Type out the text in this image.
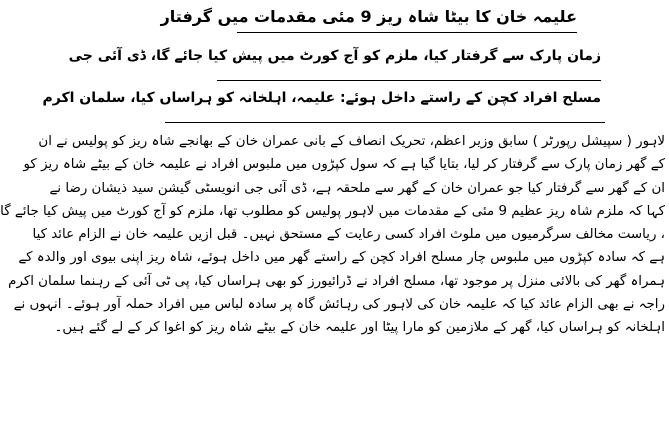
علیمہ خان کا بیٹا شاہ ریز 9 مئی مقدمات میں گرفتار
زمان پارک سے گرفتار کیا، ملزم کو آج کورٹ میں پیش کیا جائے گا، ڈی آئی جی
مسلح افراد کچن کے راستے داخل ہوئے: علیمہ، اہلخانہ کو ہراساں کیا، سلمان اکرم
لاہور ( سپیشل رپورٹر ) سابق وزیر اعظم، تحریک انصاف کے بانی عمران خان کے بھانجے شاہ ریز کو پولیس نے ان
کے گھر زمان پارک سے گرفتار کر لیا، بتایا گیا ہے کہ سول کپڑوں میں ملبوس افراد نے علیمہ خان کے بیٹے شاہ ریز کو
ان کے گھر سے گرفتار کیا جو عمران خان کے گھر سے ملحقہ ہے، ڈی آئی جی انویسٹی گیشن سید ذیشان رضا نے
کہا کہ ملزم شاہ ریز عظیم 9 مئی کے مقدمات میں لاہور پولیس کو مطلوب تھا، ملزم کو آج کورٹ میں پیش کیا جائے گا
، ریاست مخالف سرگرمیوں میں ملوث افراد کسی رعایت کے مستحق نہیں۔ قبل ازیں علیمہ خان نے الزام عائد کیا
ہے کہ سادہ کپڑوں میں ملبوس چار مسلح افراد کچن کے راستے گھر میں داخل ہوئے، شاہ ریز اپنی بیوی اور والدہ کے
ہمراہ گھر کی بالائی منزل پر موجود تھا، مسلح افراد نے ڈرائیورز کو بھی ہراساں کیا، پی ٹی آئی کے رہنما سلمان اکرم
راجہ نے بھی الزام عائد کیا کہ علیمہ خان کی لاہور کی رہائش گاہ پر سادہ لباس میں افراد حملہ آور ہوئے۔ انہوں نے
اہلخانہ کو ہراساں کیا، گھر کے ملازمین کو مارا پیٹا اور علیمہ خان کے بیٹے شاہ ریز کو اغوا کر کے لے گئے ہیں۔
